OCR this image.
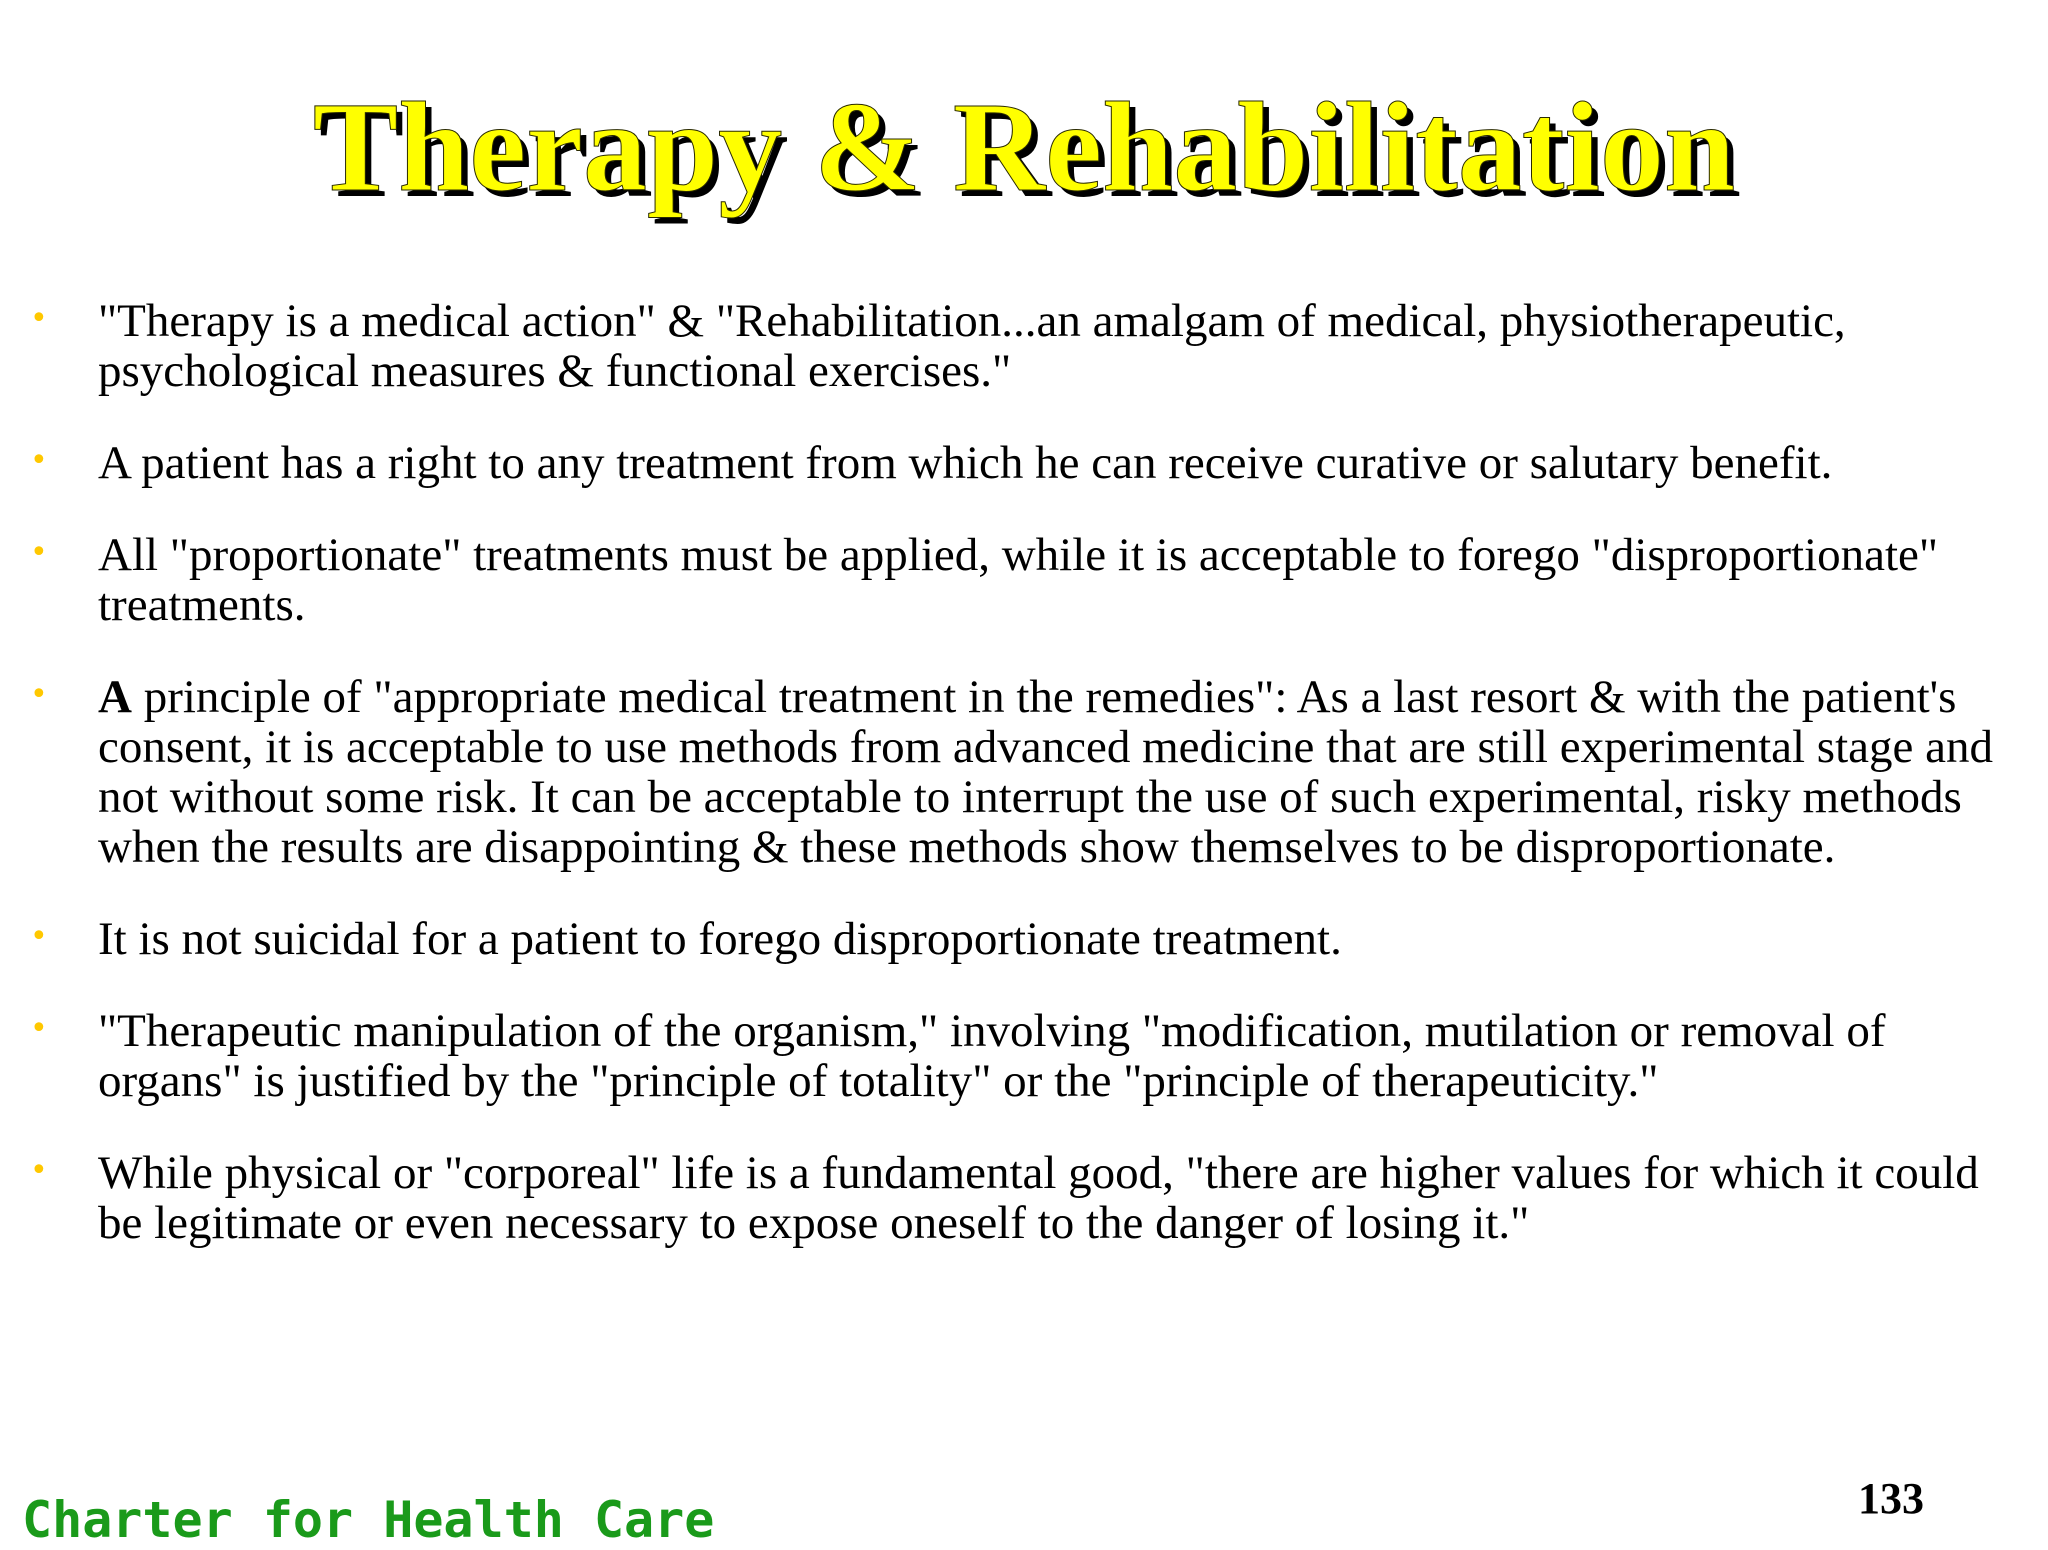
Therapy & Rehabilitation
• "Therapy is a medical action" & "Rehabilitation...an amalgam of medical, physiotherapeutic, psychological measures & functional exercises."
• A patient has a right to any treatment from which he can receive curative or salutary benefit.
• All "proportionate" treatments must be applied, while it is acceptable to forego "disproportionate" treatments.
• A principle of "appropriate medical treatment in the remedies": As a last resort & with the patient's consent, it is acceptable to use methods from advanced medicine that are still experimental stage and not without some risk. It can be acceptable to interrupt the use of such experimental, risky methods when the results are disappointing & these methods show themselves to be disproportionate.
• It is not suicidal for a patient to forego disproportionate treatment.
• "Therapeutic manipulation of the organism," involving "modification, mutilation or removal of organs" is justified by the "principle of totality" or the "principle of therapeuticity."
• While physical or "corporeal" life is a fundamental good, "there are higher values for which it could be legitimate or even necessary to expose oneself to the danger of losing it."
Charter for Health Care	133
